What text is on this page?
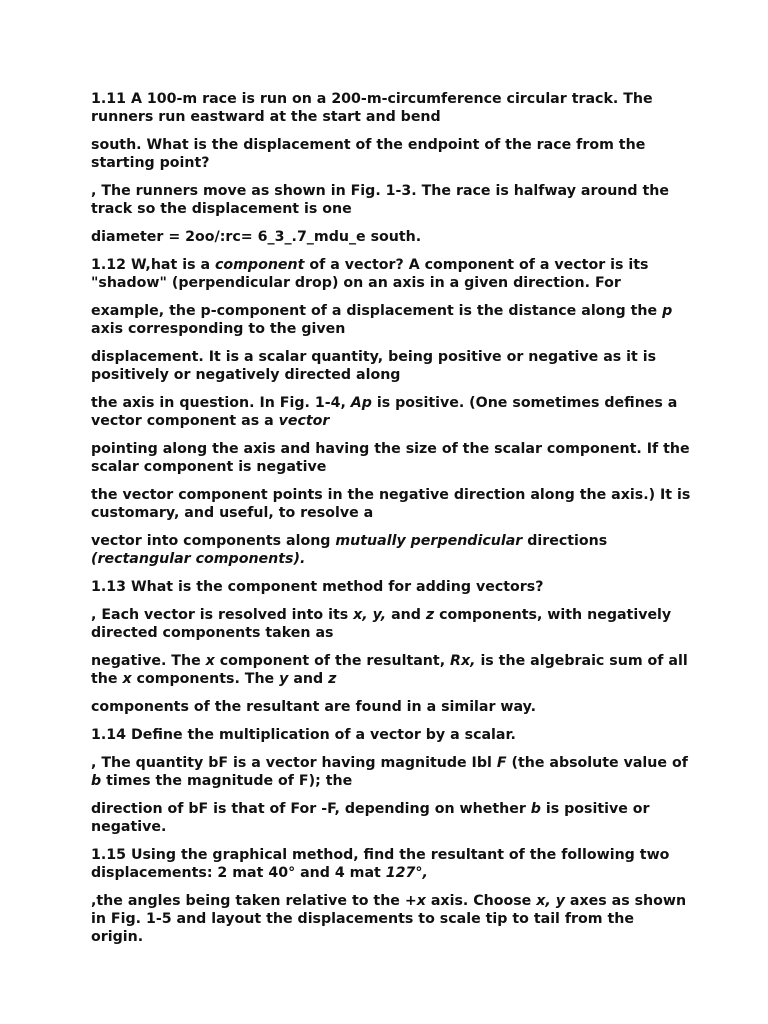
1.11 A 100-m race is run on a 200-m-circumference circular track. The runners run eastward at the start and bend

south. What is the displacement of the endpoint of the race from the starting point?

, The runners move as shown in Fig. 1-3. The race is halfway around the track so the displacement is one

diameter = 2oo/:rc= 6_3_.7_mdu_e south.

1.12 W,hat is a component of a vector? A component of a vector is its "shadow" (perpendicular drop) on an axis in a given direction. For

example, the p-component of a displacement is the distance along the p axis corresponding to the given

displacement. It is a scalar quantity, being positive or negative as it is positively or negatively directed along

the axis in question. In Fig. 1-4, Ap is positive. (One sometimes defines a vector component as a vector

pointing along the axis and having the size of the scalar component. If the scalar component is negative

the vector component points in the negative direction along the axis.) It is customary, and useful, to resolve a

vector into components along mutually perpendicular directions (rectangular components).

1.13 What is the component method for adding vectors?

, Each vector is resolved into its x, y, and z components, with negatively directed components taken as

negative. The x component of the resultant, Rx, is the algebraic sum of all the x components. The y and z

components of the resultant are found in a similar way.

1.14 Define the multiplication of a vector by a scalar.

, The quantity bF is a vector having magnitude Ibl F (the absolute value of b times the magnitude of F); the

direction of bF is that of For -F, depending on whether b is positive or negative.

1.15 Using the graphical method, find the resultant of the following two displacements: 2 mat 40° and 4 mat 127°,

,the angles being taken relative to the +x axis. Choose x, y axes as shown in Fig. 1-5 and layout the displacements to scale tip to tail from the origin.
